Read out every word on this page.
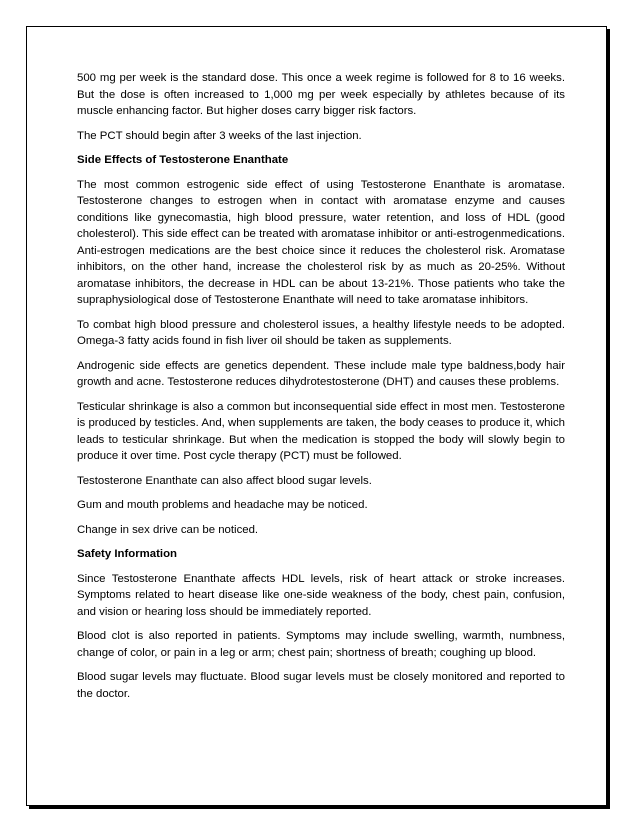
500 mg per week is the standard dose. This once a week regime is followed for 8 to 16 weeks. But the dose is often increased to 1,000 mg per week especially by athletes because of its muscle enhancing factor. But higher doses carry bigger risk factors.

The PCT should begin after 3 weeks of the last injection.

Side Effects of Testosterone Enanthate

The most common estrogenic side effect of using Testosterone Enanthate is aromatase. Testosterone changes to estrogen when in contact with aromatase enzyme and causes conditions like gynecomastia, high blood pressure, water retention, and loss of HDL (good cholesterol). This side effect can be treated with aromatase inhibitor or anti-estrogenmedications. Anti-estrogen medications are the best choice since it reduces the cholesterol risk. Aromatase inhibitors, on the other hand, increase the cholesterol risk by as much as 20-25%. Without aromatase inhibitors, the decrease in HDL can be about 13-21%. Those patients who take the supraphysiological dose of Testosterone Enanthate will need to take aromatase inhibitors.

To combat high blood pressure and cholesterol issues, a healthy lifestyle needs to be adopted. Omega-3 fatty acids found in fish liver oil should be taken as supplements.

Androgenic side effects are genetics dependent. These include male type baldness,body hair growth and acne. Testosterone reduces dihydrotestosterone (DHT) and causes these problems.

Testicular shrinkage is also a common but inconsequential side effect in most men. Testosterone is produced by testicles. And, when supplements are taken, the body ceases to produce it, which leads to testicular shrinkage. But when the medication is stopped the body will slowly begin to produce it over time. Post cycle therapy (PCT) must be followed.

Testosterone Enanthate can also affect blood sugar levels.

Gum and mouth problems and headache may be noticed.

Change in sex drive can be noticed.

Safety Information

Since Testosterone Enanthate affects HDL levels, risk of heart attack or stroke increases. Symptoms related to heart disease like one-side weakness of the body, chest pain, confusion, and vision or hearing loss should be immediately reported.

Blood clot is also reported in patients. Symptoms may include swelling, warmth, numbness, change of color, or pain in a leg or arm; chest pain; shortness of breath; coughing up blood.

Blood sugar levels may fluctuate. Blood sugar levels must be closely monitored and reported to the doctor.
